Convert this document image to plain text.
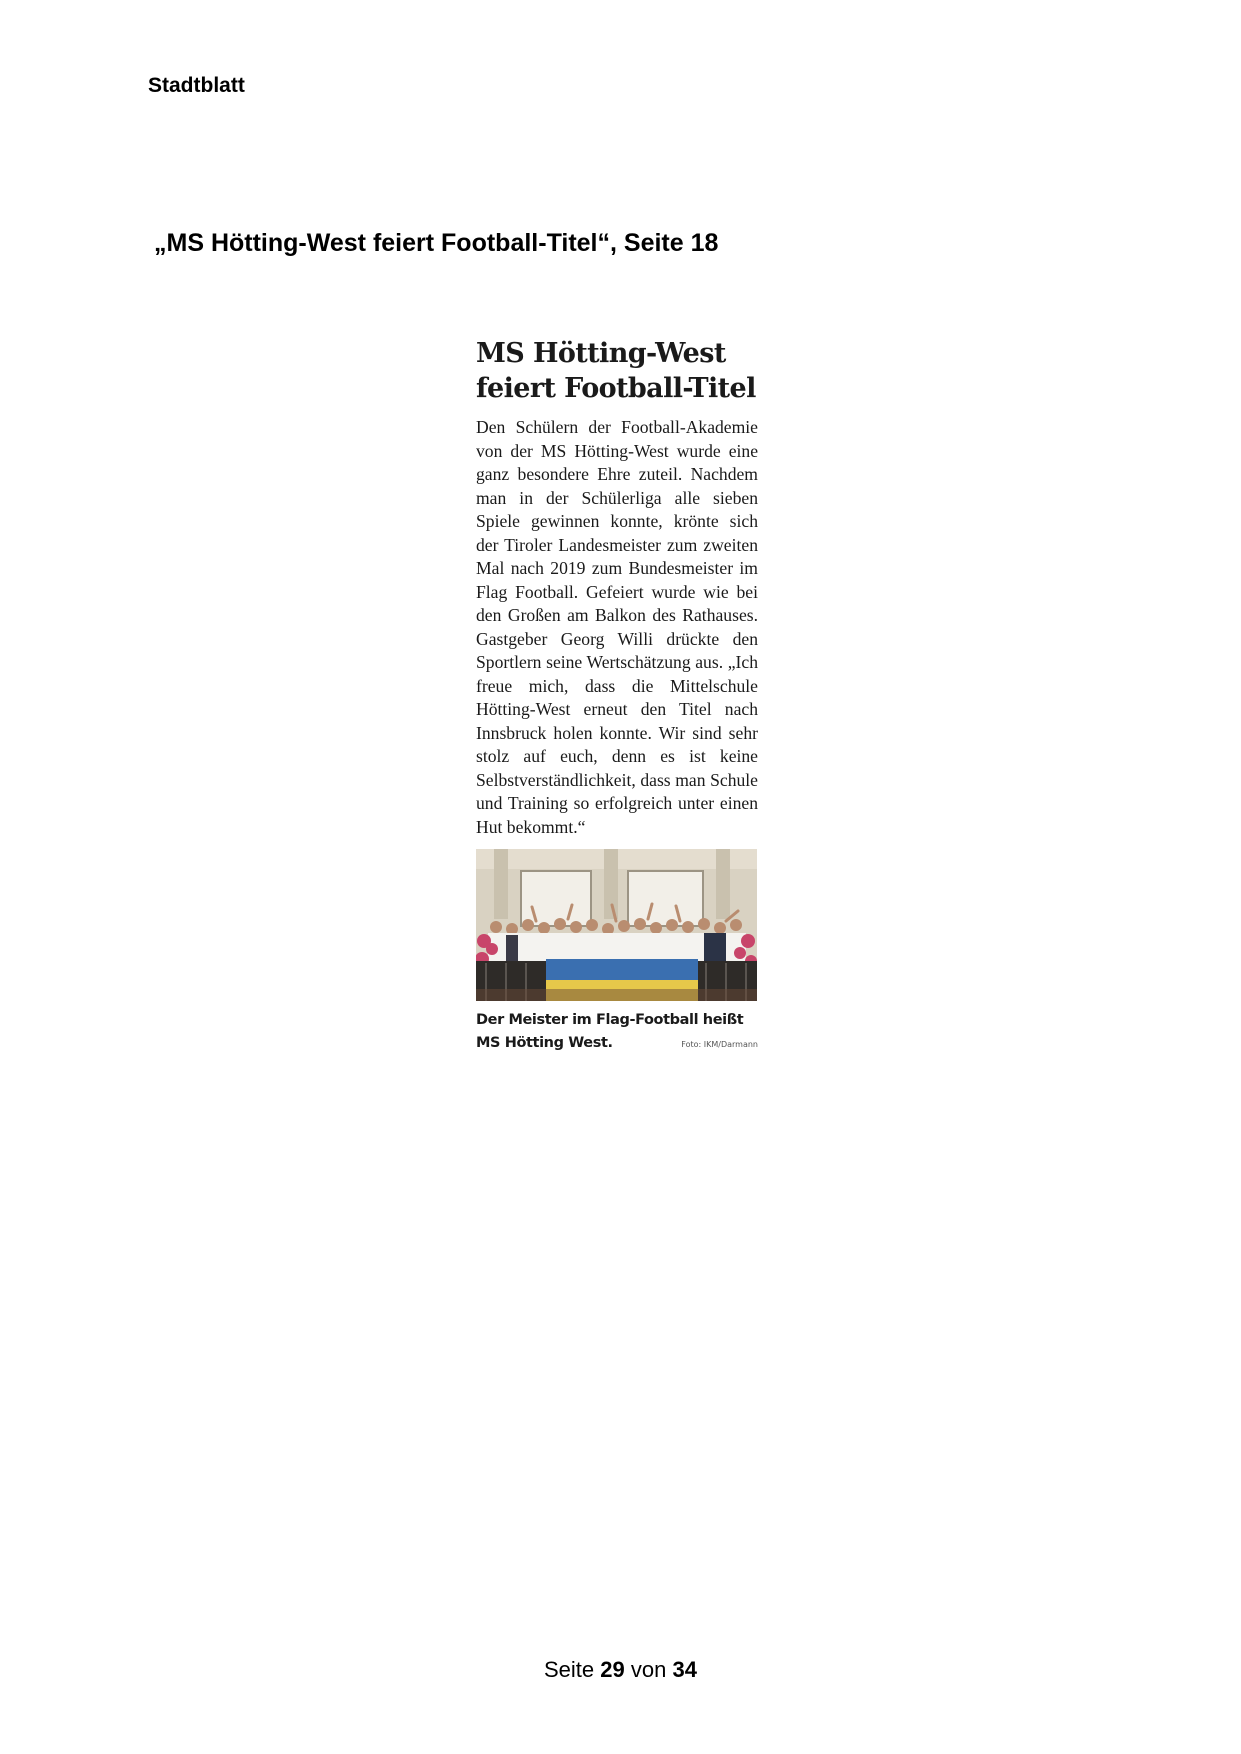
Stadtblatt
„MS Hötting-West feiert Football-Titel“, Seite 18
MS Hötting-West
feiert Football-Titel

Den Schülern der Football-Akademie von der MS Hötting-West wurde eine ganz besondere Ehre zuteil. Nachdem man in der Schülerliga alle sieben Spiele gewinnen konnte, krönte sich der Tiroler Landesmeister zum zweiten Mal nach 2019 zum Bundesmeister im Flag Football. Gefeiert wurde wie bei den Großen am Balkon des Rathauses. Gastgeber Georg Willi drückte den Sportlern seine Wertschätzung aus. „Ich freue mich, dass die Mittelschule Hötting-West erneut den Titel nach Innsbruck holen konnte. Wir sind sehr stolz auf euch, denn es ist keine Selbstverständlichkeit, dass man Schule und Training so erfolgreich unter einen Hut bekommt.“

Der Meister im Flag-Football heißt
MS Hötting West.	Foto: IKM/Darmann
Seite 29 von 34
